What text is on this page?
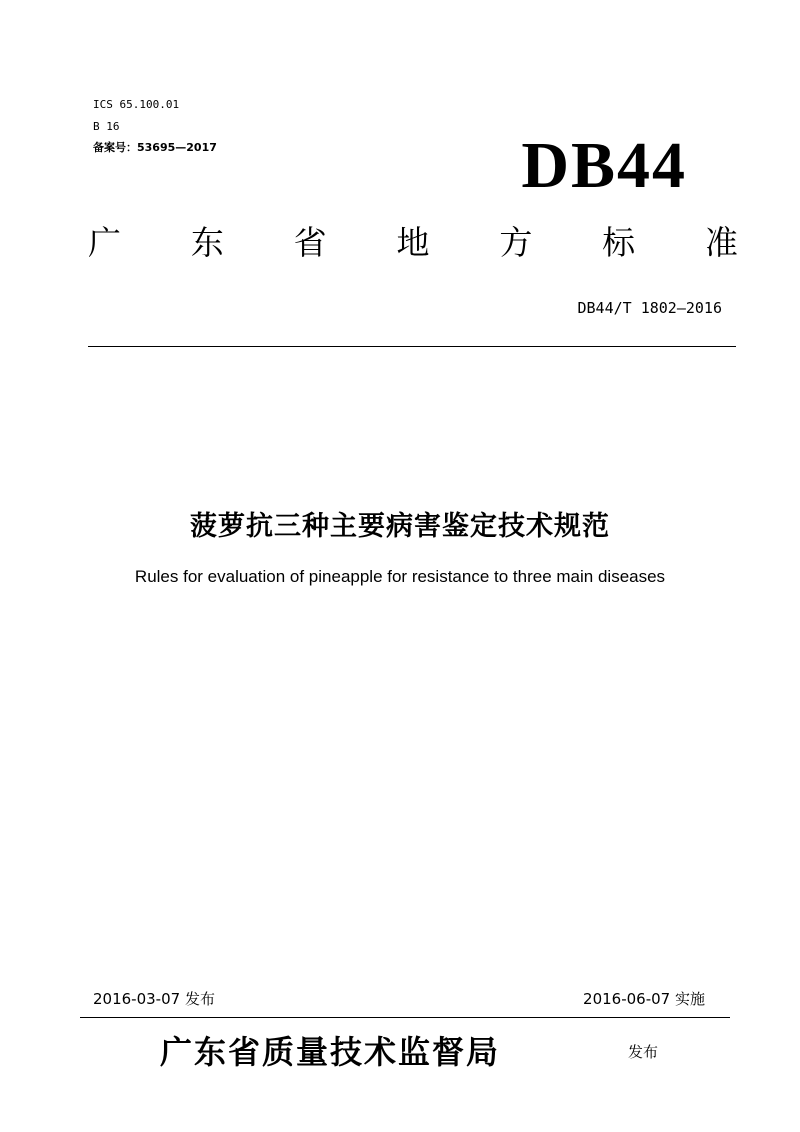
ICS 65.100.01
B 16
备案号：53695—2017	DB44
广 东 省 地 方 标 准
DB44/T 1802—2016
菠萝抗三种主要病害鉴定技术规范
Rules for evaluation of pineapple for resistance to three main diseases
2016-03-07 发布	2016-06-07 实施
广东省质量技术监督局	发布
